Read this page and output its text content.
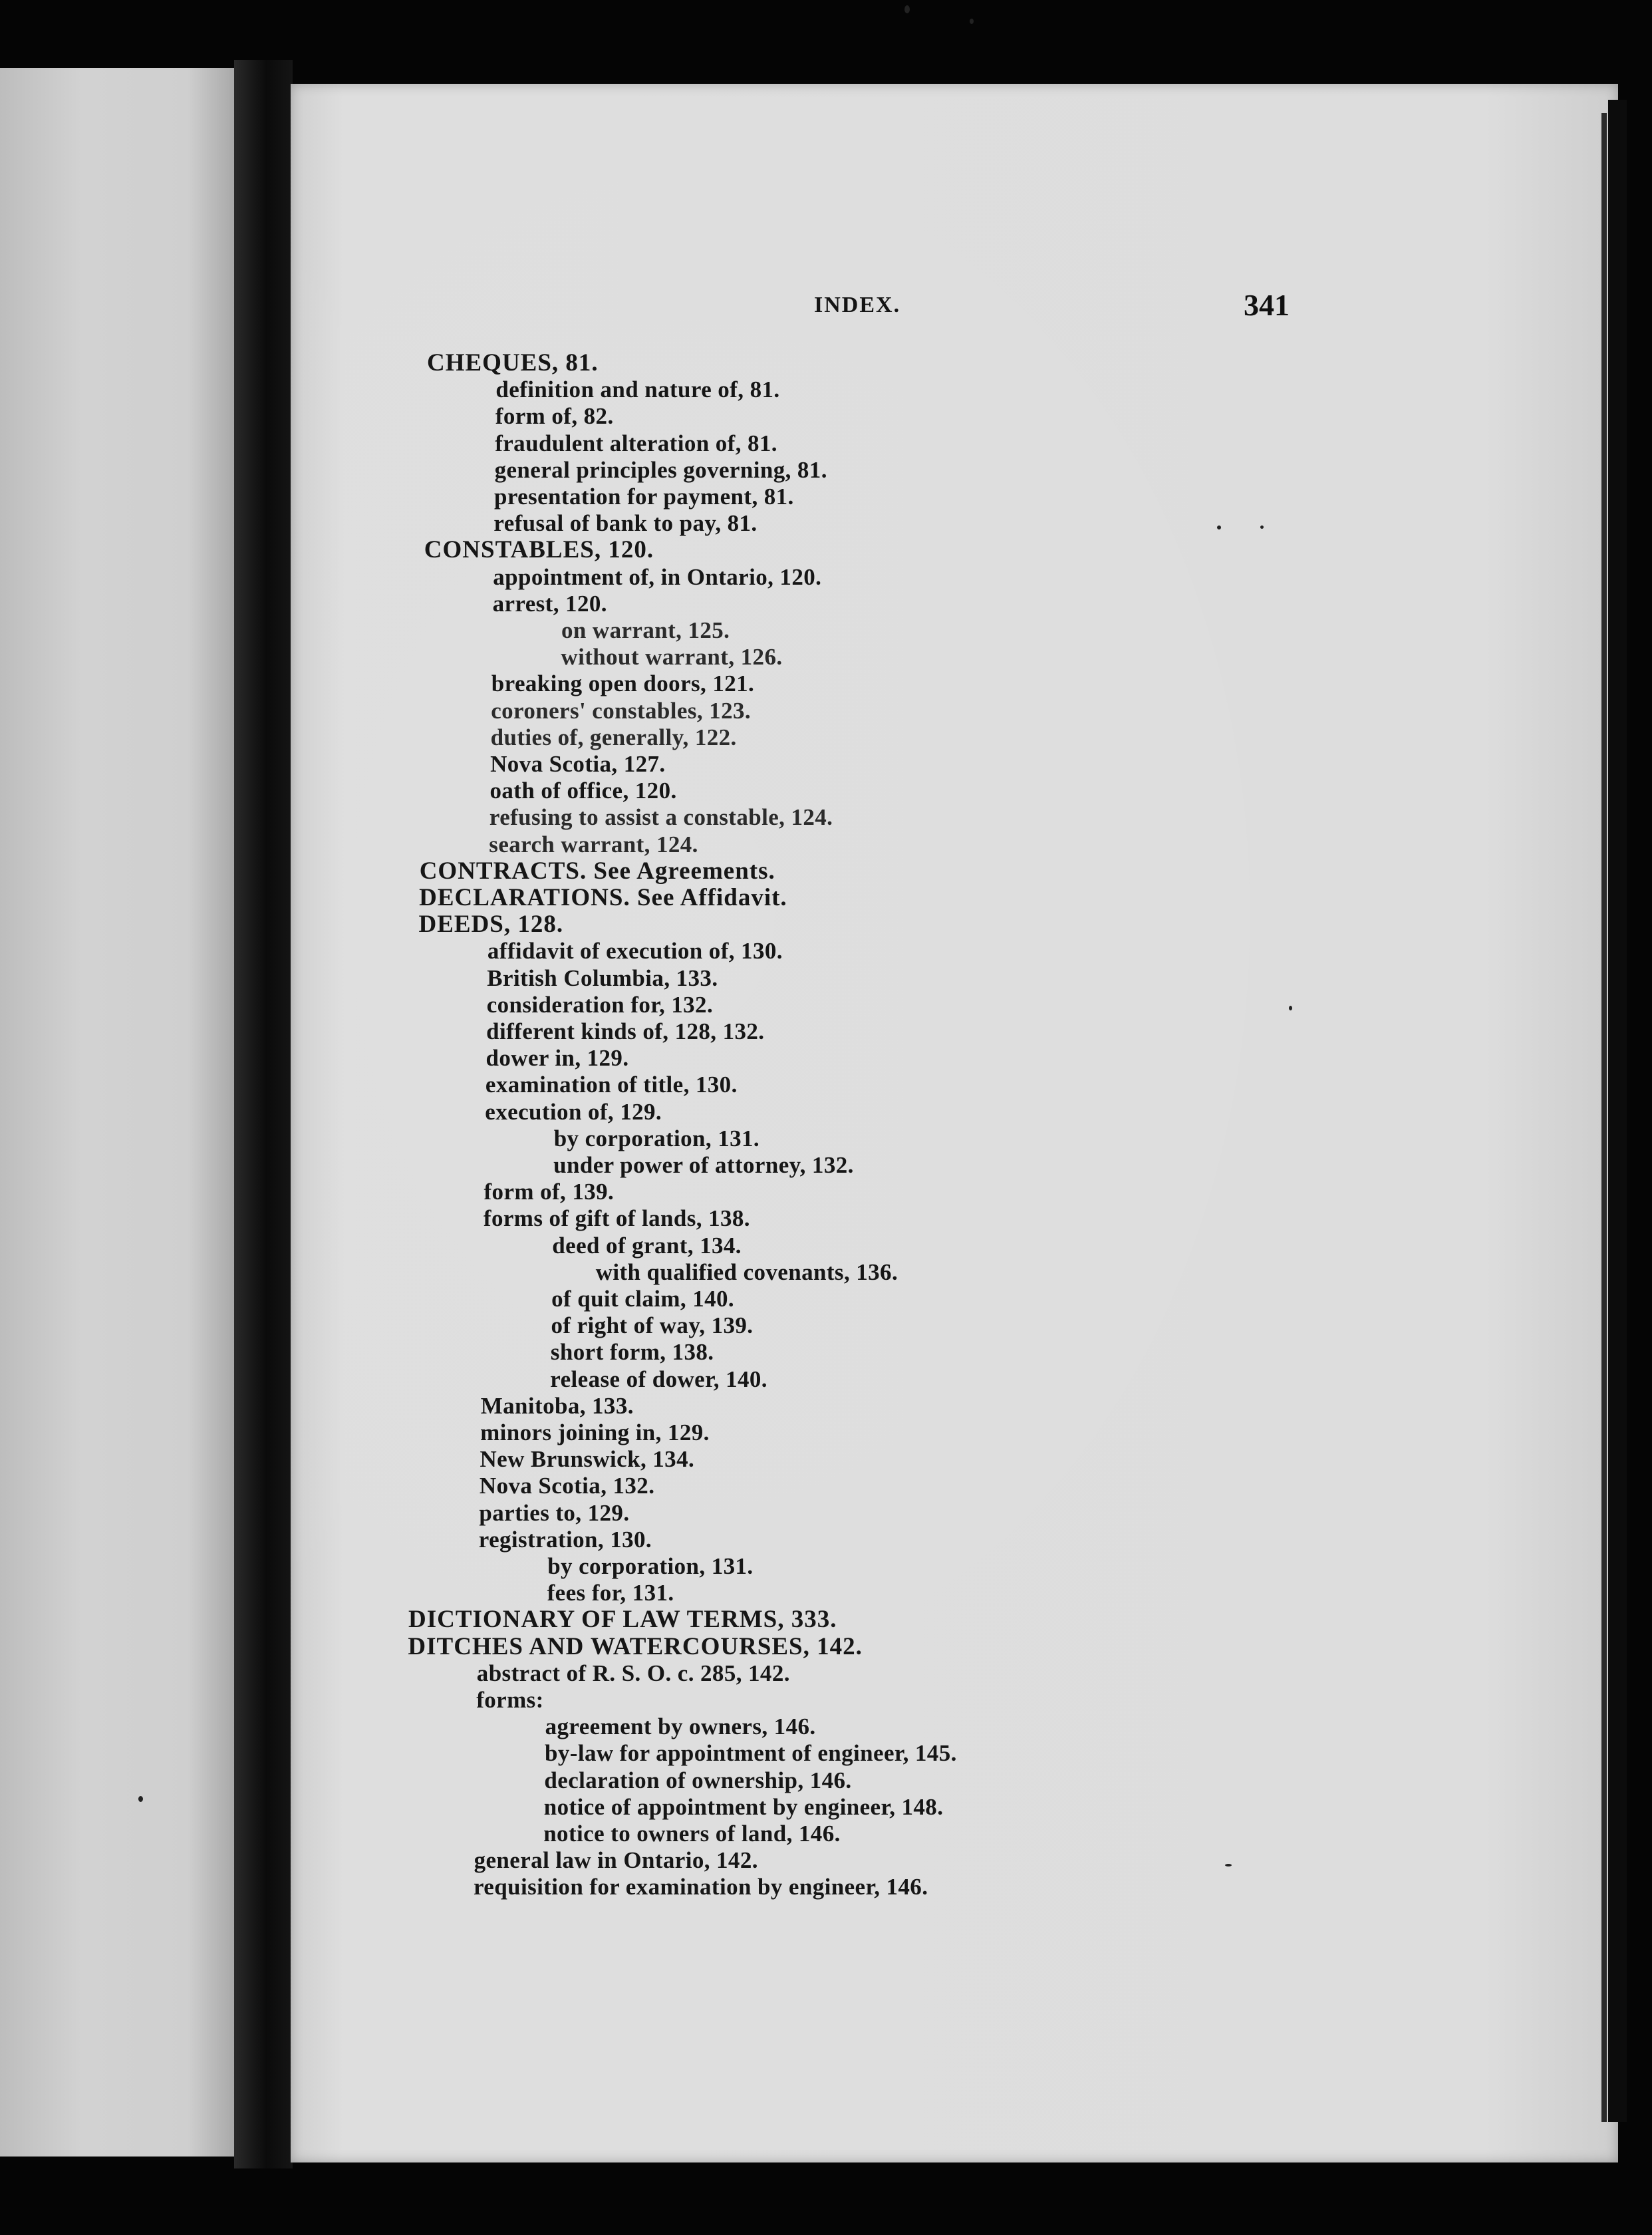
INDEX.	341
CHEQUES, 81.
definition and nature of, 81.
form of, 82.
fraudulent alteration of, 81.
general principles governing, 81.
presentation for payment, 81.
refusal of bank to pay, 81.
CONSTABLES, 120.
appointment of, in Ontario, 120.
arrest, 120.
on warrant, 125.
without warrant, 126.
breaking open doors, 121.
coroners' constables, 123.
duties of, generally, 122.
Nova Scotia, 127.
oath of office, 120.
refusing to assist a constable, 124.
search warrant, 124.
CONTRACTS. See Agreements.
DECLARATIONS. See Affidavit.
DEEDS, 128.
affidavit of execution of, 130.
British Columbia, 133.
consideration for, 132.
different kinds of, 128, 132.
dower in, 129.
examination of title, 130.
execution of, 129.
by corporation, 131.
under power of attorney, 132.
form of, 139.
forms of gift of lands, 138.
deed of grant, 134.
with qualified covenants, 136.
of quit claim, 140.
of right of way, 139.
short form, 138.
release of dower, 140.
Manitoba, 133.
minors joining in, 129.
New Brunswick, 134.
Nova Scotia, 132.
parties to, 129.
registration, 130.
by corporation, 131.
fees for, 131.
DICTIONARY OF LAW TERMS, 333.
DITCHES AND WATERCOURSES, 142.
abstract of R. S. O. c. 285, 142.
forms:
agreement by owners, 146.
by-law for appointment of engineer, 145.
declaration of ownership, 146.
notice of appointment by engineer, 148.
notice to owners of land, 146.
general law in Ontario, 142.
requisition for examination by engineer, 146.
